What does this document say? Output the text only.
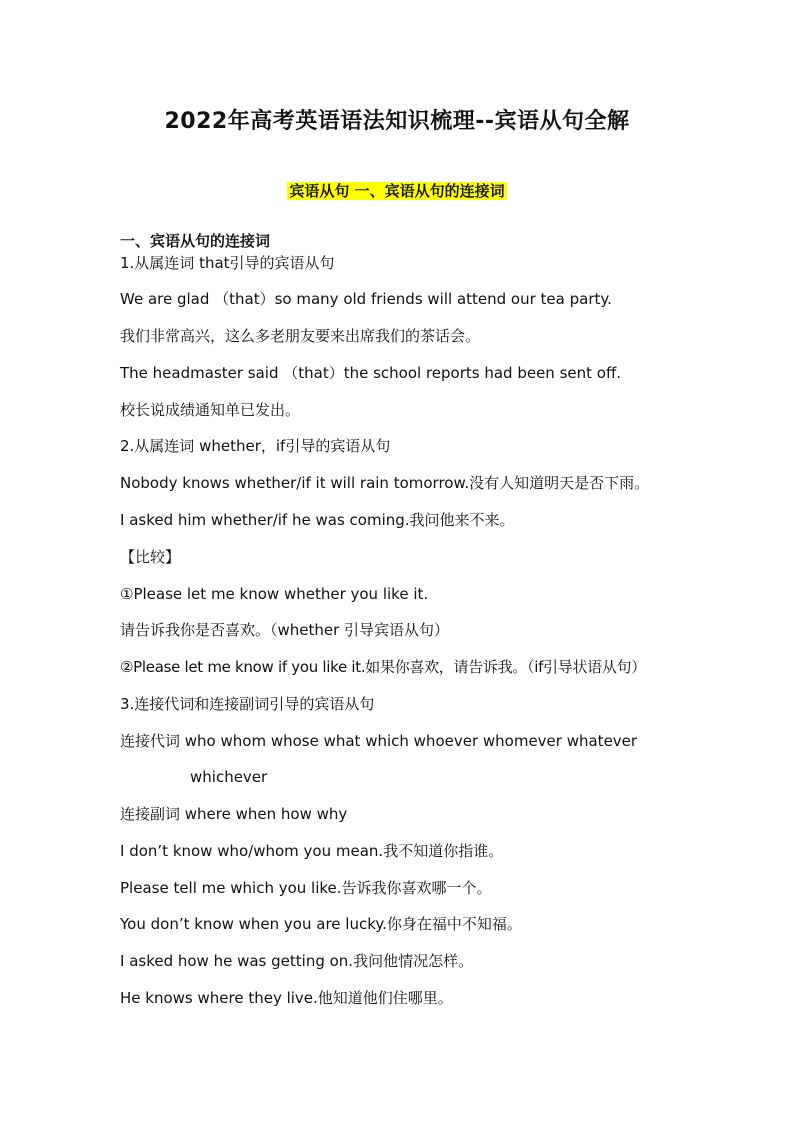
2022年高考英语语法知识梳理--宾语从句全解
宾语从句 一、宾语从句的连接词
一、宾语从句的连接词
1.从属连词 that引导的宾语从句
We are glad （that）so many old friends will attend our tea party.
我们非常高兴，这么多老朋友要来出席我们的茶话会。
The headmaster said （that）the school reports had been sent off.
校长说成绩通知单已发出。
2.从属连词 whether，if引导的宾语从句
Nobody knows whether/if it will rain tomorrow.没有人知道明天是否下雨。
I asked him whether/if he was coming.我问他来不来。
【比较】
①Please let me know whether you like it.
请告诉我你是否喜欢。（whether 引导宾语从句）
②Please let me know if you like it.如果你喜欢，请告诉我。（if引导状语从句）
3.连接代词和连接副词引导的宾语从句
连接代词 who whom whose what which whoever whomever whatever
whichever
连接副词 where when how why
I don’t know who/whom you mean.我不知道你指谁。
Please tell me which you like.告诉我你喜欢哪一个。
You don’t know when you are lucky.你身在福中不知福。
I asked how he was getting on.我问他情况怎样。
He knows where they live.他知道他们住哪里。
